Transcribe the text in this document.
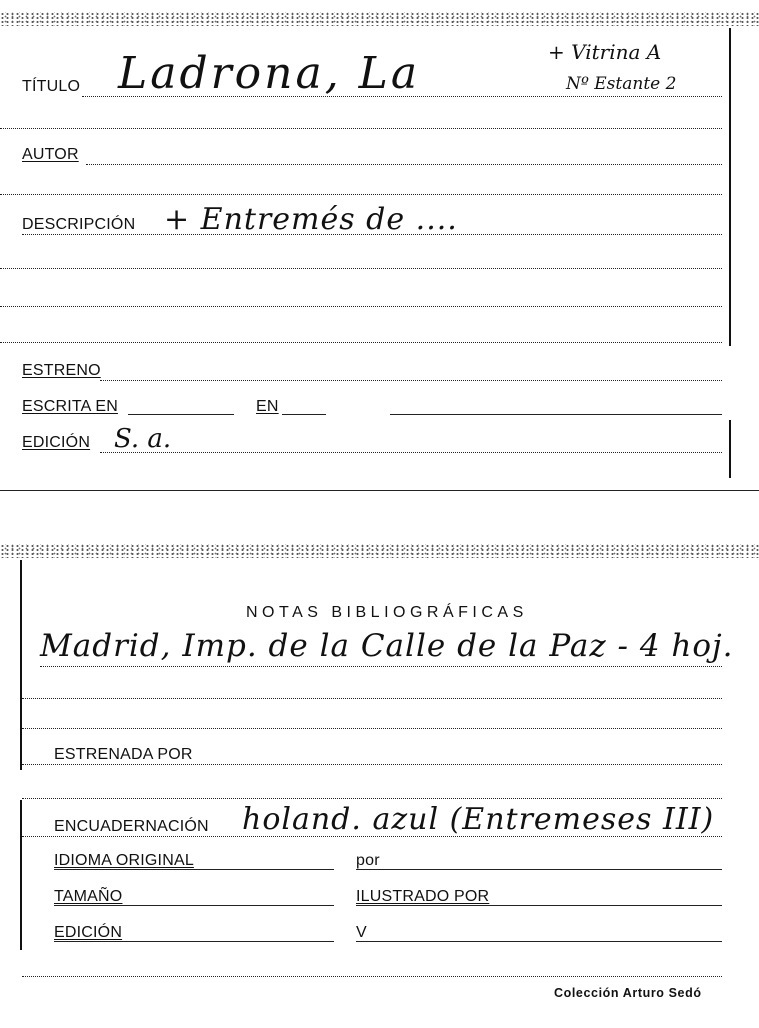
TÍTULO Ladrona, La	+ Vitrina A
Nº Estante 2
AUTOR
DESCRIPCIÓN + Entremés de ....
ESTRENO
ESCRITA EN	EN
EDICIÓN S. a.
NOTAS BIBLIOGRÁFICAS
Madrid, Imp. de la Calle de la Paz - 4 hoj.
ESTRENADA POR
ENCUADERNACIÓN holand. azul (Entremeses III)
IDIOMA ORIGINAL	por
TAMAÑO	ILUSTRADO POR
EDICIÓN	V
Colección Arturo Sedó
